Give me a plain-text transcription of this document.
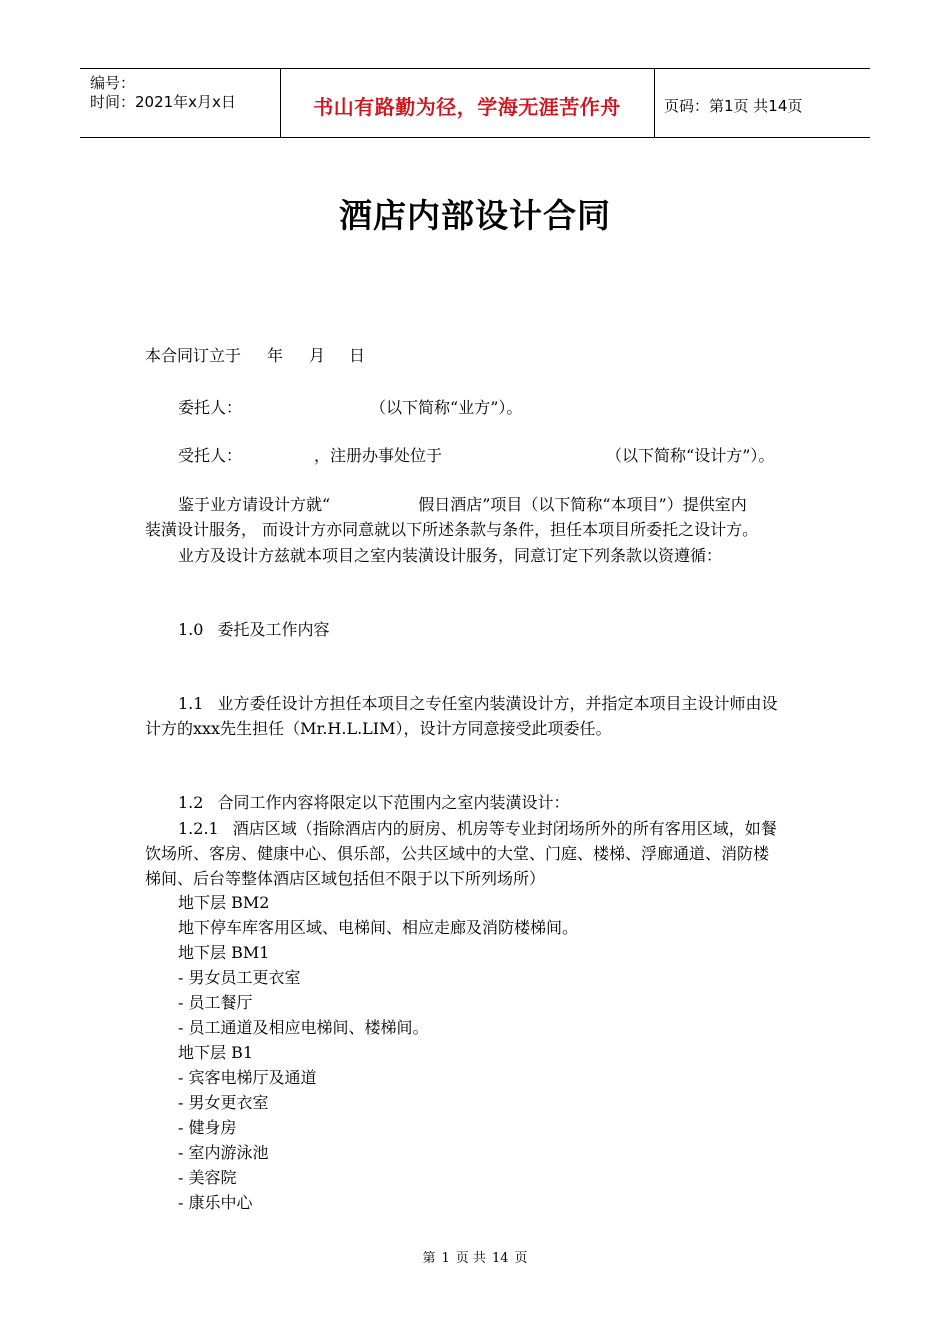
编号：
时间：2021年x月x日	书山有路勤为径，学海无涯苦作舟	页码：第1页 共14页
酒店内部设计合同
本合同订立于 年 月 日
委托人：	（以下简称“业方”）。
受托人：	，注册办事处位于	（以下简称“设计方”）。
鉴于业方请设计方就“	假日酒店”项目（以下简称“本项目”）提供室内
装潢设计服务， 而设计方亦同意就以下所述条款与条件，担任本项目所委托之设计方。
业方及设计方兹就本项目之室内装潢设计服务，同意订定下列条款以资遵循：
1.0 委托及工作内容
1.1 业方委任设计方担任本项目之专任室内装潢设计方，并指定本项目主设计师由设
计方的xxx先生担任（Mr.H.L.LIM），设计方同意接受此项委任。
1.2 合同工作内容将限定以下范围内之室内装潢设计：
1.2.1 酒店区域（指除酒店内的厨房、机房等专业封闭场所外的所有客用区域，如餐
饮场所、客房、健康中心、俱乐部，公共区域中的大堂、门庭、楼梯、浮廊通道、消防楼
梯间、后台等整体酒店区域包括但不限于以下所列场所）
地下层 BM2
地下停车库客用区域、电梯间、相应走廊及消防楼梯间。
地下层 BM1
- 男女员工更衣室
- 员工餐厅
- 员工通道及相应电梯间、楼梯间。
地下层 B1
- 宾客电梯厅及通道
- 男女更衣室
- 健身房
- 室内游泳池
- 美容院
- 康乐中心
第 1 页 共 14 页
